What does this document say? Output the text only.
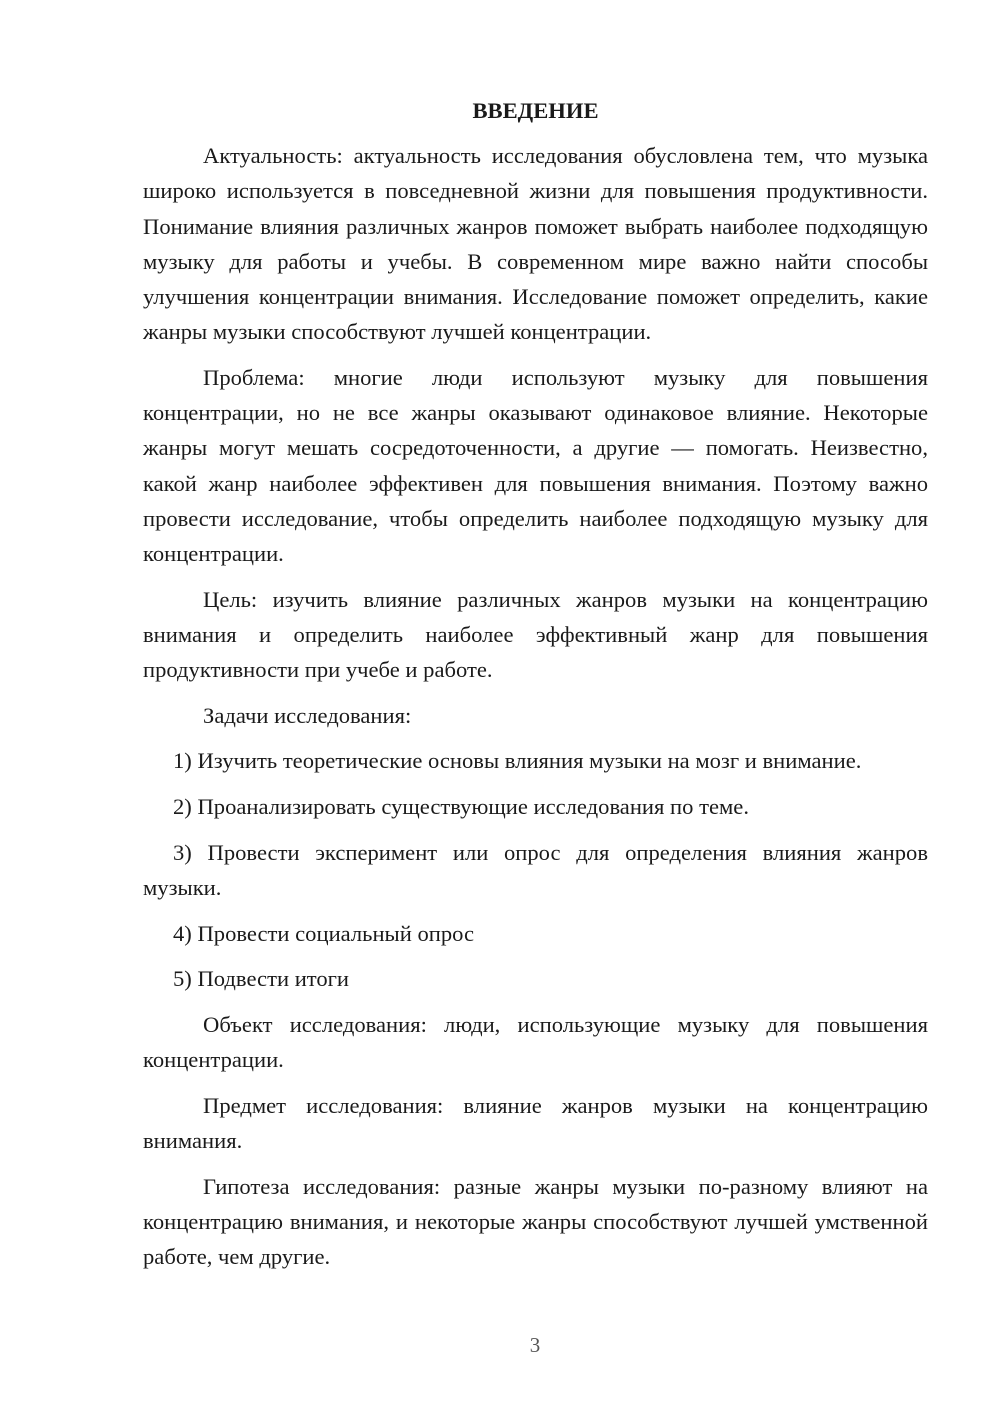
ВВЕДЕНИЕ

Актуальность: актуальность исследования обусловлена тем, что музыка широко используется в повседневной жизни для повышения продуктивности. Понимание влияния различных жанров поможет выбрать наиболее подходящую музыку для работы и учебы. В современном мире важно найти способы улучшения концентрации внимания. Исследование поможет определить, какие жанры музыки способствуют лучшей концентрации.

Проблема: многие люди используют музыку для повышения концентрации, но не все жанры оказывают одинаковое влияние. Некоторые жанры могут мешать сосредоточенности, а другие — помогать. Неизвестно, какой жанр наиболее эффективен для повышения внимания. Поэтому важно провести исследование, чтобы определить наиболее подходящую музыку для концентрации.

Цель: изучить влияние различных жанров музыки на концентрацию внимания и определить наиболее эффективный жанр для повышения продуктивности при учебе и работе.

Задачи исследования:

1) Изучить теоретические основы влияния музыки на мозг и внимание.

2) Проанализировать существующие исследования по теме.

3) Провести эксперимент или опрос для определения влияния жанров музыки.

4) Провести социальный опрос

5) Подвести итоги

Объект исследования: люди, использующие музыку для повышения концентрации.

Предмет исследования: влияние жанров музыки на концентрацию внимания.

Гипотеза исследования: разные жанры музыки по-разному влияют на концентрацию внимания, и некоторые жанры способствуют лучшей умственной работе, чем другие.

3
